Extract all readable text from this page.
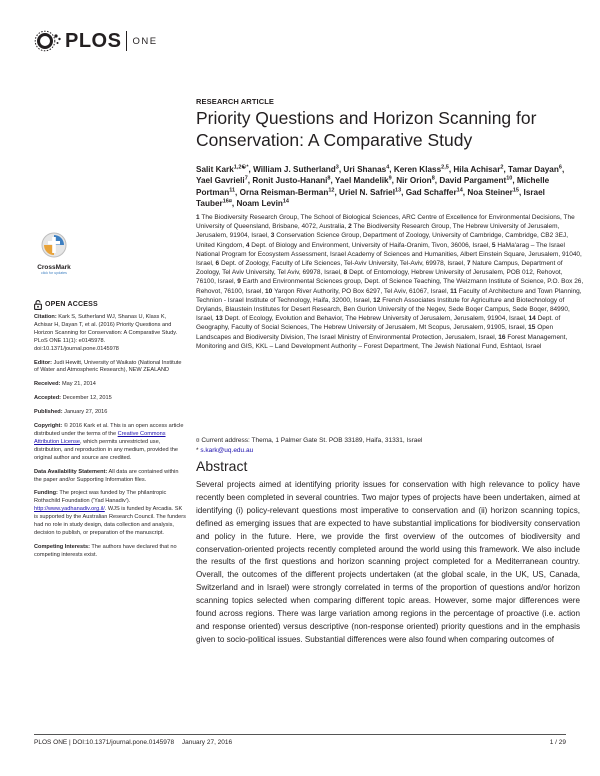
PLOS ONE
RESEARCH ARTICLE
Priority Questions and Horizon Scanning for Conservation: A Comparative Study
Salit Kark$^{1,2☯*}$, William J. Sutherland$^3$, Uri Shanas$^4$, Keren Klass$^{2,5}$, Hila Achisar$^2$, Tamar Dayan$^6$, Yael Gavrieli$^7$, Ronit Justo-Hanani$^8$, Yael Mandelik$^9$, Nir Orion$^8$, David Pargament$^{10}$, Michelle Portman$^{11}$, Orna Reisman-Berman$^{12}$, Uriel N. Safriel$^{13}$, Gad Schaffer$^{14}$, Noa Steiner$^{15}$, Israel Tauber$^{16¤}$, Noam Levin$^{14}$
1 The Biodiversity Research Group, The School of Biological Sciences, ARC Centre of Excellence for Environmental Decisions, The University of Queensland, Brisbane, 4072, Australia, 2 The Biodiversity Research Group, The Hebrew University of Jerusalem, Jerusalem, 91904, Israel, 3 Conservation Science Group, Department of Zoology, University of Cambridge, Cambridge, CB2 3EJ, United Kingdom, 4 Dept. of Biology and Environment, University of Haifa-Oranim, Tivon, 36006, Israel, 5 HaMa'arag – The Israel National Program for Ecosystem Assessment, Israel Academy of Sciences and Humanities, Albert Einstein Square, Jerusalem, 91040, Israel, 6 Dept. of Zoology, Faculty of Life Sciences, Tel-Aviv University, Tel-Aviv, 69978, Israel, 7 Nature Campus, Department of Zoology, Tel Aviv University, Tel Aviv, 69978, Israel, 8 Dept. of Entomology, Hebrew University of Jerusalem, POB 012, Rehovot, 76100, Israel, 9 Earth and Environmental Sciences group, Dept. of Science Teaching, The Weizmann Institute of Science, P.O. Box 26, Rehovot, 76100, Israel, 10 Yarqon River Authority, PO Box 6297, Tel Aviv, 61067, Israel, 11 Faculty of Architecture and Town Planning, Technion - Israel Institute of Technology, Haifa, 32000, Israel, 12 French Associates Institute for Agriculture and Biotechnology of Drylands, Blaustein Institutes for Desert Research, Ben Gurion University of the Negev, Sede Boqer Campus, Sede Boqer, 84990, Israel, 13 Dept. of Ecology, Evolution and Behavior, The Hebrew University of Jerusalem, Jerusalem, 91904, Israel, 14 Dept. of Geography, Faculty of Social Sciences, The Hebrew University of Jerusalem, Mt Scopus, Jerusalem, 91905, Israel, 15 Open Landscapes and Biodiversity Division, The Israel Ministry of Environmental Protection, Jerusalem, Israel, 16 Forest Management, Monitoring and GIS, KKL – Land Development Authority – Forest Department, The Jewish National Fund, Eshtaol, Israel
¤ Current address: Thema, 1 Palmer Gate St. POB 33189, Haifa, 31331, Israel
* s.kark@uq.edu.au
Abstract
Several projects aimed at identifying priority issues for conservation with high relevance to policy have recently been completed in several countries. Two major types of projects have been undertaken, aimed at identifying (i) policy-relevant questions most imperative to conservation and (ii) horizon scanning topics, defined as emerging issues that are expected to have substantial implications for biodiversity conservation and policy in the future. Here, we provide the first overview of the outcomes of biodiversity and conservation-oriented projects recently completed around the world using this framework. We also include the results of the first questions and horizon scanning project completed for a Mediterranean country. Overall, the outcomes of the different projects undertaken (at the global scale, in the UK, US, Canada, Switzerland and in Israel) were strongly correlated in terms of the proportion of questions and/or horizon scanning topics selected when comparing different topic areas. However, some major differences were found across regions. There was large variation among regions in the percentage of proactive (i.e. action and response oriented) versus descriptive (non-response oriented) priority questions and in the emphasis given to socio-political issues. Substantial differences were also found when comparing outcomes of
CrossMark
click for updates
OPEN ACCESS
Citation: Kark S, Sutherland WJ, Shanas U, Klass K, Achisar H, Dayan T, et al. (2016) Priority Questions and Horizon Scanning for Conservation: A Comparative Study. PLoS ONE 11(1): e0145978. doi:10.1371/journal.pone.0145978
Editor: Judi Hewitt, University of Waikato (National Institute of Water and Atmospheric Research), NEW ZEALAND
Received: May 21, 2014
Accepted: December 12, 2015
Published: January 27, 2016
Copyright: © 2016 Kark et al. This is an open access article distributed under the terms of the Creative Commons Attribution License, which permits unrestricted use, distribution, and reproduction in any medium, provided the original author and source are credited.
Data Availability Statement: All data are contained within the paper and/or Supporting Information files.
Funding: The project was funded by The philantropic Rothschild Foundation ('Yad Hanadiv'). http://www.yadhanadiv.org.il/. WJS is funded by Arcadia. SK is supported by the Australian Research Council. The funders had no role in study design, data collection and analysis, decision to publish, or preparation of the manuscript.
Competing Interests: The authors have declared that no competing interests exist.
PLOS ONE | DOI:10.1371/journal.pone.0145978 January 27, 2016	1 / 29
